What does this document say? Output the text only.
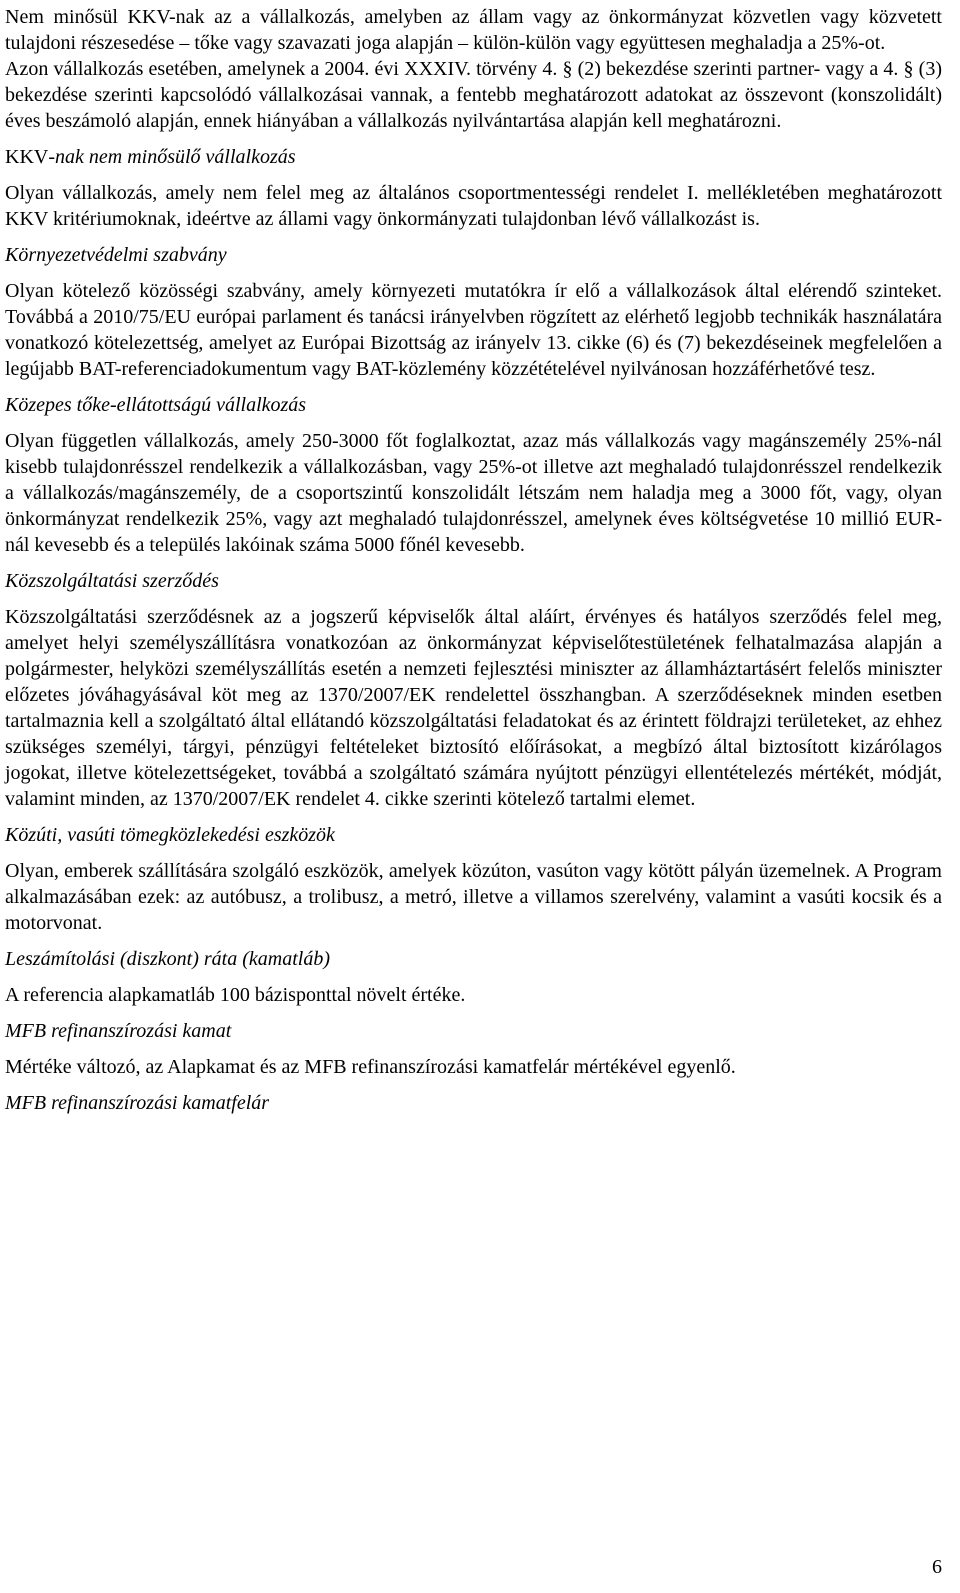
Nem minősül KKV-nak az a vállalkozás, amelyben az állam vagy az önkormányzat közvetlen vagy közvetett tulajdoni részesedése – tőke vagy szavazati joga alapján – külön-külön vagy együttesen meghaladja a 25%-ot.

Azon vállalkozás esetében, amelynek a 2004. évi XXXIV. törvény 4. § (2) bekezdése szerinti partner- vagy a 4. § (3) bekezdése szerinti kapcsolódó vállalkozásai vannak, a fentebb meghatározott adatokat az összevont (konszolidált) éves beszámoló alapján, ennek hiányában a vállalkozás nyilvántartása alapján kell meghatározni.

KKV-nak nem minősülő vállalkozás

Olyan vállalkozás, amely nem felel meg az általános csoportmentességi rendelet I. mellékletében meghatározott KKV kritériumoknak, ideértve az állami vagy önkormányzati tulajdonban lévő vállalkozást is.

Környezetvédelmi szabvány

Olyan kötelező közösségi szabvány, amely környezeti mutatókra ír elő a vállalkozások által elérendő szinteket. Továbbá a 2010/75/EU európai parlament és tanácsi irányelvben rögzített az elérhető legjobb technikák használatára vonatkozó kötelezettség, amelyet az Európai Bizottság az irányelv 13. cikke (6) és (7) bekezdéseinek megfelelően a legújabb BAT-referenciadokumentum vagy BAT-közlemény közzétételével nyilvánosan hozzáférhetővé tesz.

Közepes tőke-ellátottságú vállalkozás

Olyan független vállalkozás, amely 250-3000 főt foglalkoztat, azaz más vállalkozás vagy magánszemély 25%-nál kisebb tulajdonrésszel rendelkezik a vállalkozásban, vagy 25%-ot illetve azt meghaladó tulajdonrésszel rendelkezik a vállalkozás/magánszemély, de a csoportszintű konszolidált létszám nem haladja meg a 3000 főt, vagy, olyan önkormányzat rendelkezik 25%, vagy azt meghaladó tulajdonrésszel, amelynek éves költségvetése 10 millió EUR-nál kevesebb és a település lakóinak száma 5000 főnél kevesebb.

Közszolgáltatási szerződés

Közszolgáltatási szerződésnek az a jogszerű képviselők által aláírt, érvényes és hatályos szerződés felel meg, amelyet helyi személyszállításra vonatkozóan az önkormányzat képviselőtestületének felhatalmazása alapján a polgármester, helyközi személyszállítás esetén a nemzeti fejlesztési miniszter az államháztartásért felelős miniszter előzetes jóváhagyásával köt meg az 1370/2007/EK rendelettel összhangban. A szerződéseknek minden esetben tartalmaznia kell a szolgáltató által ellátandó közszolgáltatási feladatokat és az érintett földrajzi területeket, az ehhez szükséges személyi, tárgyi, pénzügyi feltételeket biztosító előírásokat, a megbízó által biztosított kizárólagos jogokat, illetve kötelezettségeket, továbbá a szolgáltató számára nyújtott pénzügyi ellentételezés mértékét, módját, valamint minden, az 1370/2007/EK rendelet 4. cikke szerinti kötelező tartalmi elemet.

Közúti, vasúti tömegközlekedési eszközök

Olyan, emberek szállítására szolgáló eszközök, amelyek közúton, vasúton vagy kötött pályán üzemelnek. A Program alkalmazásában ezek: az autóbusz, a trolibusz, a metró, illetve a villamos szerelvény, valamint a vasúti kocsik és a motorvonat.

Leszámítolási (diszkont) ráta (kamatláb)

A referencia alapkamatláb 100 bázisponttal növelt értéke.

MFB refinanszírozási kamat

Mértéke változó, az Alapkamat és az MFB refinanszírozási kamatfelár mértékével egyenlő.

MFB refinanszírozási kamatfelár
6
